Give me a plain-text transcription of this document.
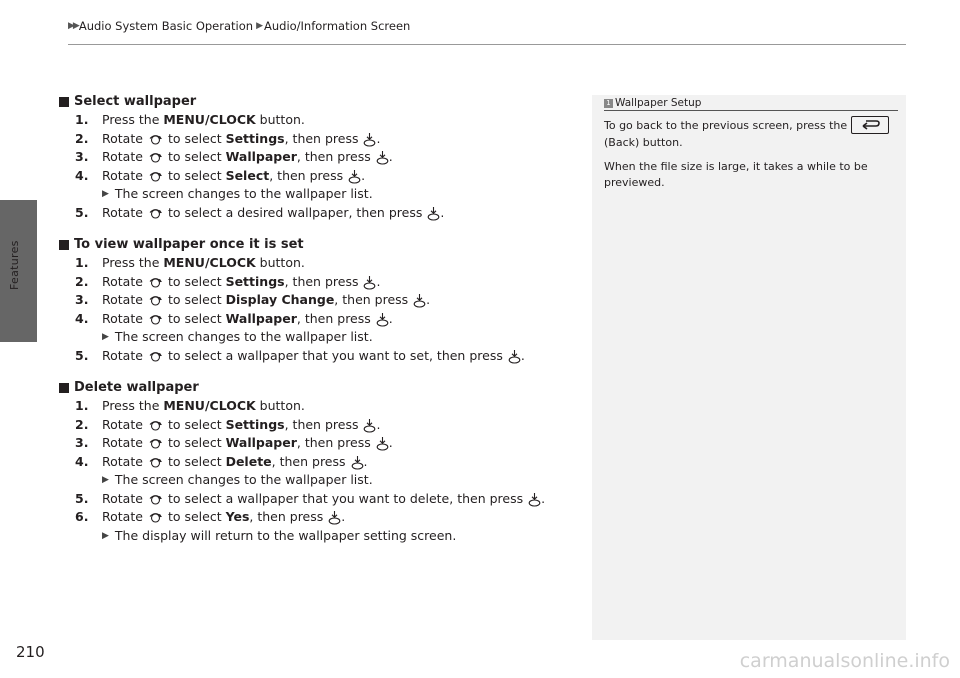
▶▶ Audio System Basic Operation ▶ Audio/Information Screen
Features
Select wallpaper
1.	Press the MENU/CLOCK button.
2.	Rotate to select Settings , then press .
3.	Rotate to select Wallpaper , then press .
4.	Rotate to select Select , then press .
▶ The screen changes to the wallpaper list.
5.	Rotate to select a desired wallpaper, then press .
To view wallpaper once it is set
1.	Press the MENU/CLOCK button.
2.	Rotate to select Settings , then press .
3.	Rotate to select Display Change , then press .
4.	Rotate to select Wallpaper , then press .
▶ The screen changes to the wallpaper list.
5.	Rotate to select a wallpaper that you want to set, then press .
Delete wallpaper
1.	Press the MENU/CLOCK button.
2.	Rotate to select Settings , then press .
3.	Rotate to select Wallpaper , then press .
4.	Rotate to select Delete , then press .
▶ The screen changes to the wallpaper list.
5.	Rotate to select a wallpaper that you want to delete, then press .
6.	Rotate to select Yes , then press .
▶ The display will return to the wallpaper setting screen.
1 Wallpaper Setup

To go back to the previous screen, press the
(Back) button.

When the file size is large, it takes a while to be previewed.

210	carmanualsonline.info
